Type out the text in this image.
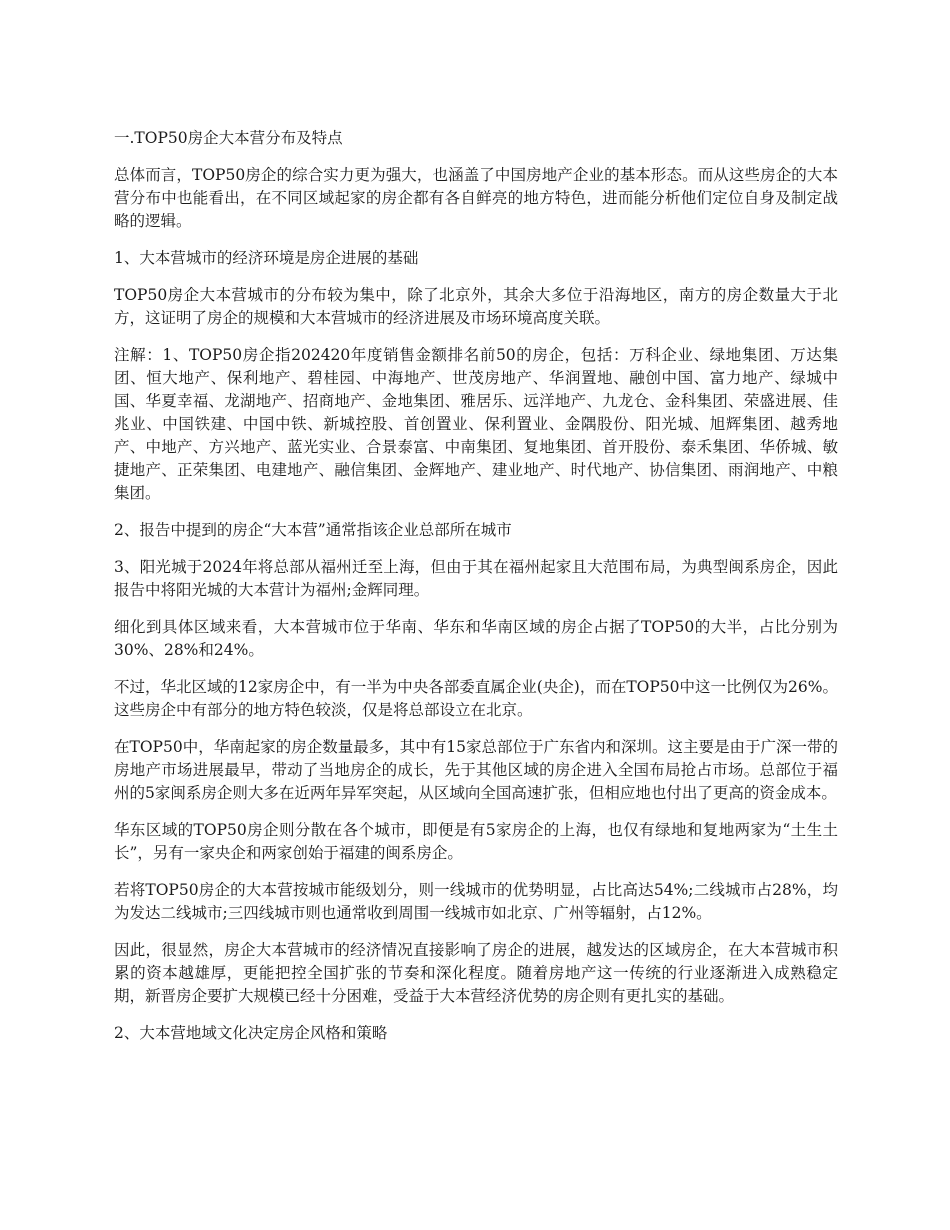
一.TOP50房企大本营分布及特点

总体而言，TOP50房企的综合实力更为强大，也涵盖了中国房地产企业的基本形态。而从这些房企的大本营分布中也能看出，在不同区域起家的房企都有各自鲜亮的地方特色，进而能分析他们定位自身及制定战略的逻辑。

1、大本营城市的经济环境是房企进展的基础

TOP50房企大本营城市的分布较为集中，除了北京外，其余大多位于沿海地区，南方的房企数量大于北方，这证明了房企的规模和大本营城市的经济进展及市场环境高度关联。

注解：1、TOP50房企指202420年度销售金额排名前50的房企，包括：万科企业、绿地集团、万达集团、恒大地产、保利地产、碧桂园、中海地产、世茂房地产、华润置地、融创中国、富力地产、绿城中国、华夏幸福、龙湖地产、招商地产、金地集团、雅居乐、远洋地产、九龙仓、金科集团、荣盛进展、佳兆业、中国铁建、中国中铁、新城控股、首创置业、保利置业、金隅股份、阳光城、旭辉集团、越秀地产、中地产、方兴地产、蓝光实业、合景泰富、中南集团、复地集团、首开股份、泰禾集团、华侨城、敏捷地产、正荣集团、电建地产、融信集团、金辉地产、建业地产、时代地产、协信集团、雨润地产、中粮集团。

2、报告中提到的房企“大本营”通常指该企业总部所在城市

3、阳光城于2024年将总部从福州迁至上海，但由于其在福州起家且大范围布局，为典型闽系房企，因此报告中将阳光城的大本营计为福州;金辉同理。

细化到具体区域来看，大本营城市位于华南、华东和华南区域的房企占据了TOP50的大半，占比分别为30%、28%和24%。

不过，华北区域的12家房企中，有一半为中央各部委直属企业(央企)，而在TOP50中这一比例仅为26%。这些房企中有部分的地方特色较淡，仅是将总部设立在北京。

在TOP50中，华南起家的房企数量最多，其中有15家总部位于广东省内和深圳。这主要是由于广深一带的房地产市场进展最早，带动了当地房企的成长，先于其他区域的房企进入全国布局抢占市场。总部位于福州的5家闽系房企则大多在近两年异军突起，从区域向全国高速扩张，但相应地也付出了更高的资金成本。

华东区域的TOP50房企则分散在各个城市，即便是有5家房企的上海，也仅有绿地和复地两家为“土生土长”，另有一家央企和两家创始于福建的闽系房企。

若将TOP50房企的大本营按城市能级划分，则一线城市的优势明显，占比高达54%;二线城市占28%，均为发达二线城市;三四线城市则也通常收到周围一线城市如北京、广州等辐射，占12%。

因此，很显然，房企大本营城市的经济情况直接影响了房企的进展，越发达的区域房企，在大本营城市积累的资本越雄厚，更能把控全国扩张的节奏和深化程度。随着房地产这一传统的行业逐渐进入成熟稳定期，新晋房企要扩大规模已经十分困难，受益于大本营经济优势的房企则有更扎实的基础。

2、大本营地域文化决定房企风格和策略
